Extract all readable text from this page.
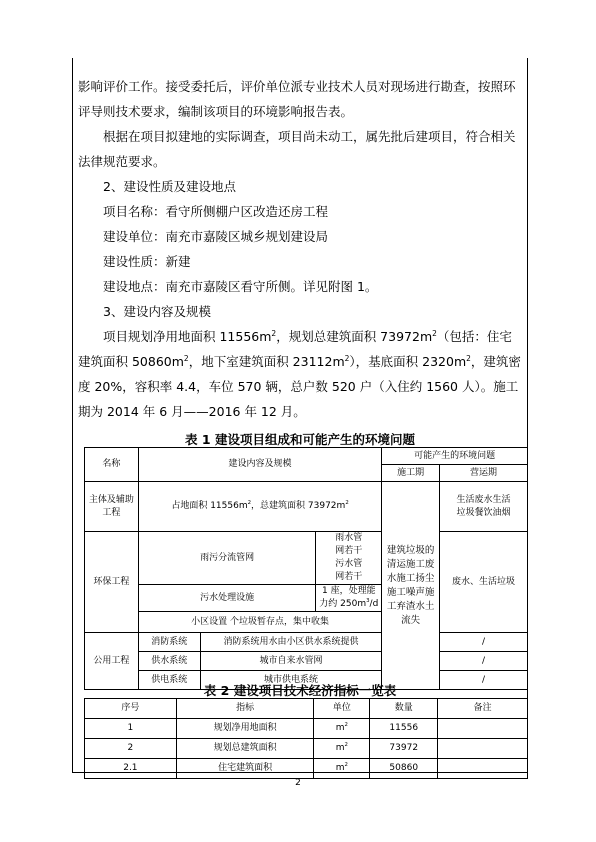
影响评价工作。接受委托后，评价单位派专业技术人员对现场进行勘查，按照环评导则技术要求，编制该项目的环境影响报告表。

根据在项目拟建地的实际调查，项目尚未动工，属先批后建项目，符合相关法律规范要求。

2、建设性质及建设地点

项目名称：看守所侧棚户区改造还房工程

建设单位：南充市嘉陵区城乡规划建设局

建设性质：新建

建设地点：南充市嘉陵区看守所侧。详见附图 1。

3、建设内容及规模

项目规划净用地面积 $11556m^2$，规划总建筑面积 $73972m^2$（包括：住宅建筑面积 $50860m^2$，地下室建筑面积 $23112m^2$），基底面积 $2320m^2$，建筑密度 20%，容积率 4.4，车位 570 辆，总户数 520 户（入住约 1560 人）。施工期为 2014 年 6 月——2016 年 12 月。

表 1 建设项目组成和可能产生的环境问题
名称	建设内容及规模			可能产生的环境问题	
				施工期	营运期
主体及辅助工程	占地面积 $11556m^2$，总建筑面积 $73972m^2$			建筑垃圾的清运施工废水施工扬尘施工噪声施工弃渣水土流失	生活废水生活垃圾餐饮油烟
环保工程	雨污分流管网		雨水管网若干污水管网若干		废水、生活垃圾
	污水处理设施		1 座，处理能力约 $250m^3/d$		
	小区设置 个垃圾暂存点，集中收集				
公用工程	消防系统	消防系统用水由小区供水系统提供			/
	供水系统	城市自来水管网			/
	供电系统	城市供电系统			/
表 2 建设项目技术经济指标一览表
序号	指标	单位	数量	备注
1	规划净用地面积	$m^2$	11556	
2	规划总建筑面积	$m^2$	73972	
2.1	住宅建筑面积	$m^2$	50860	
2
